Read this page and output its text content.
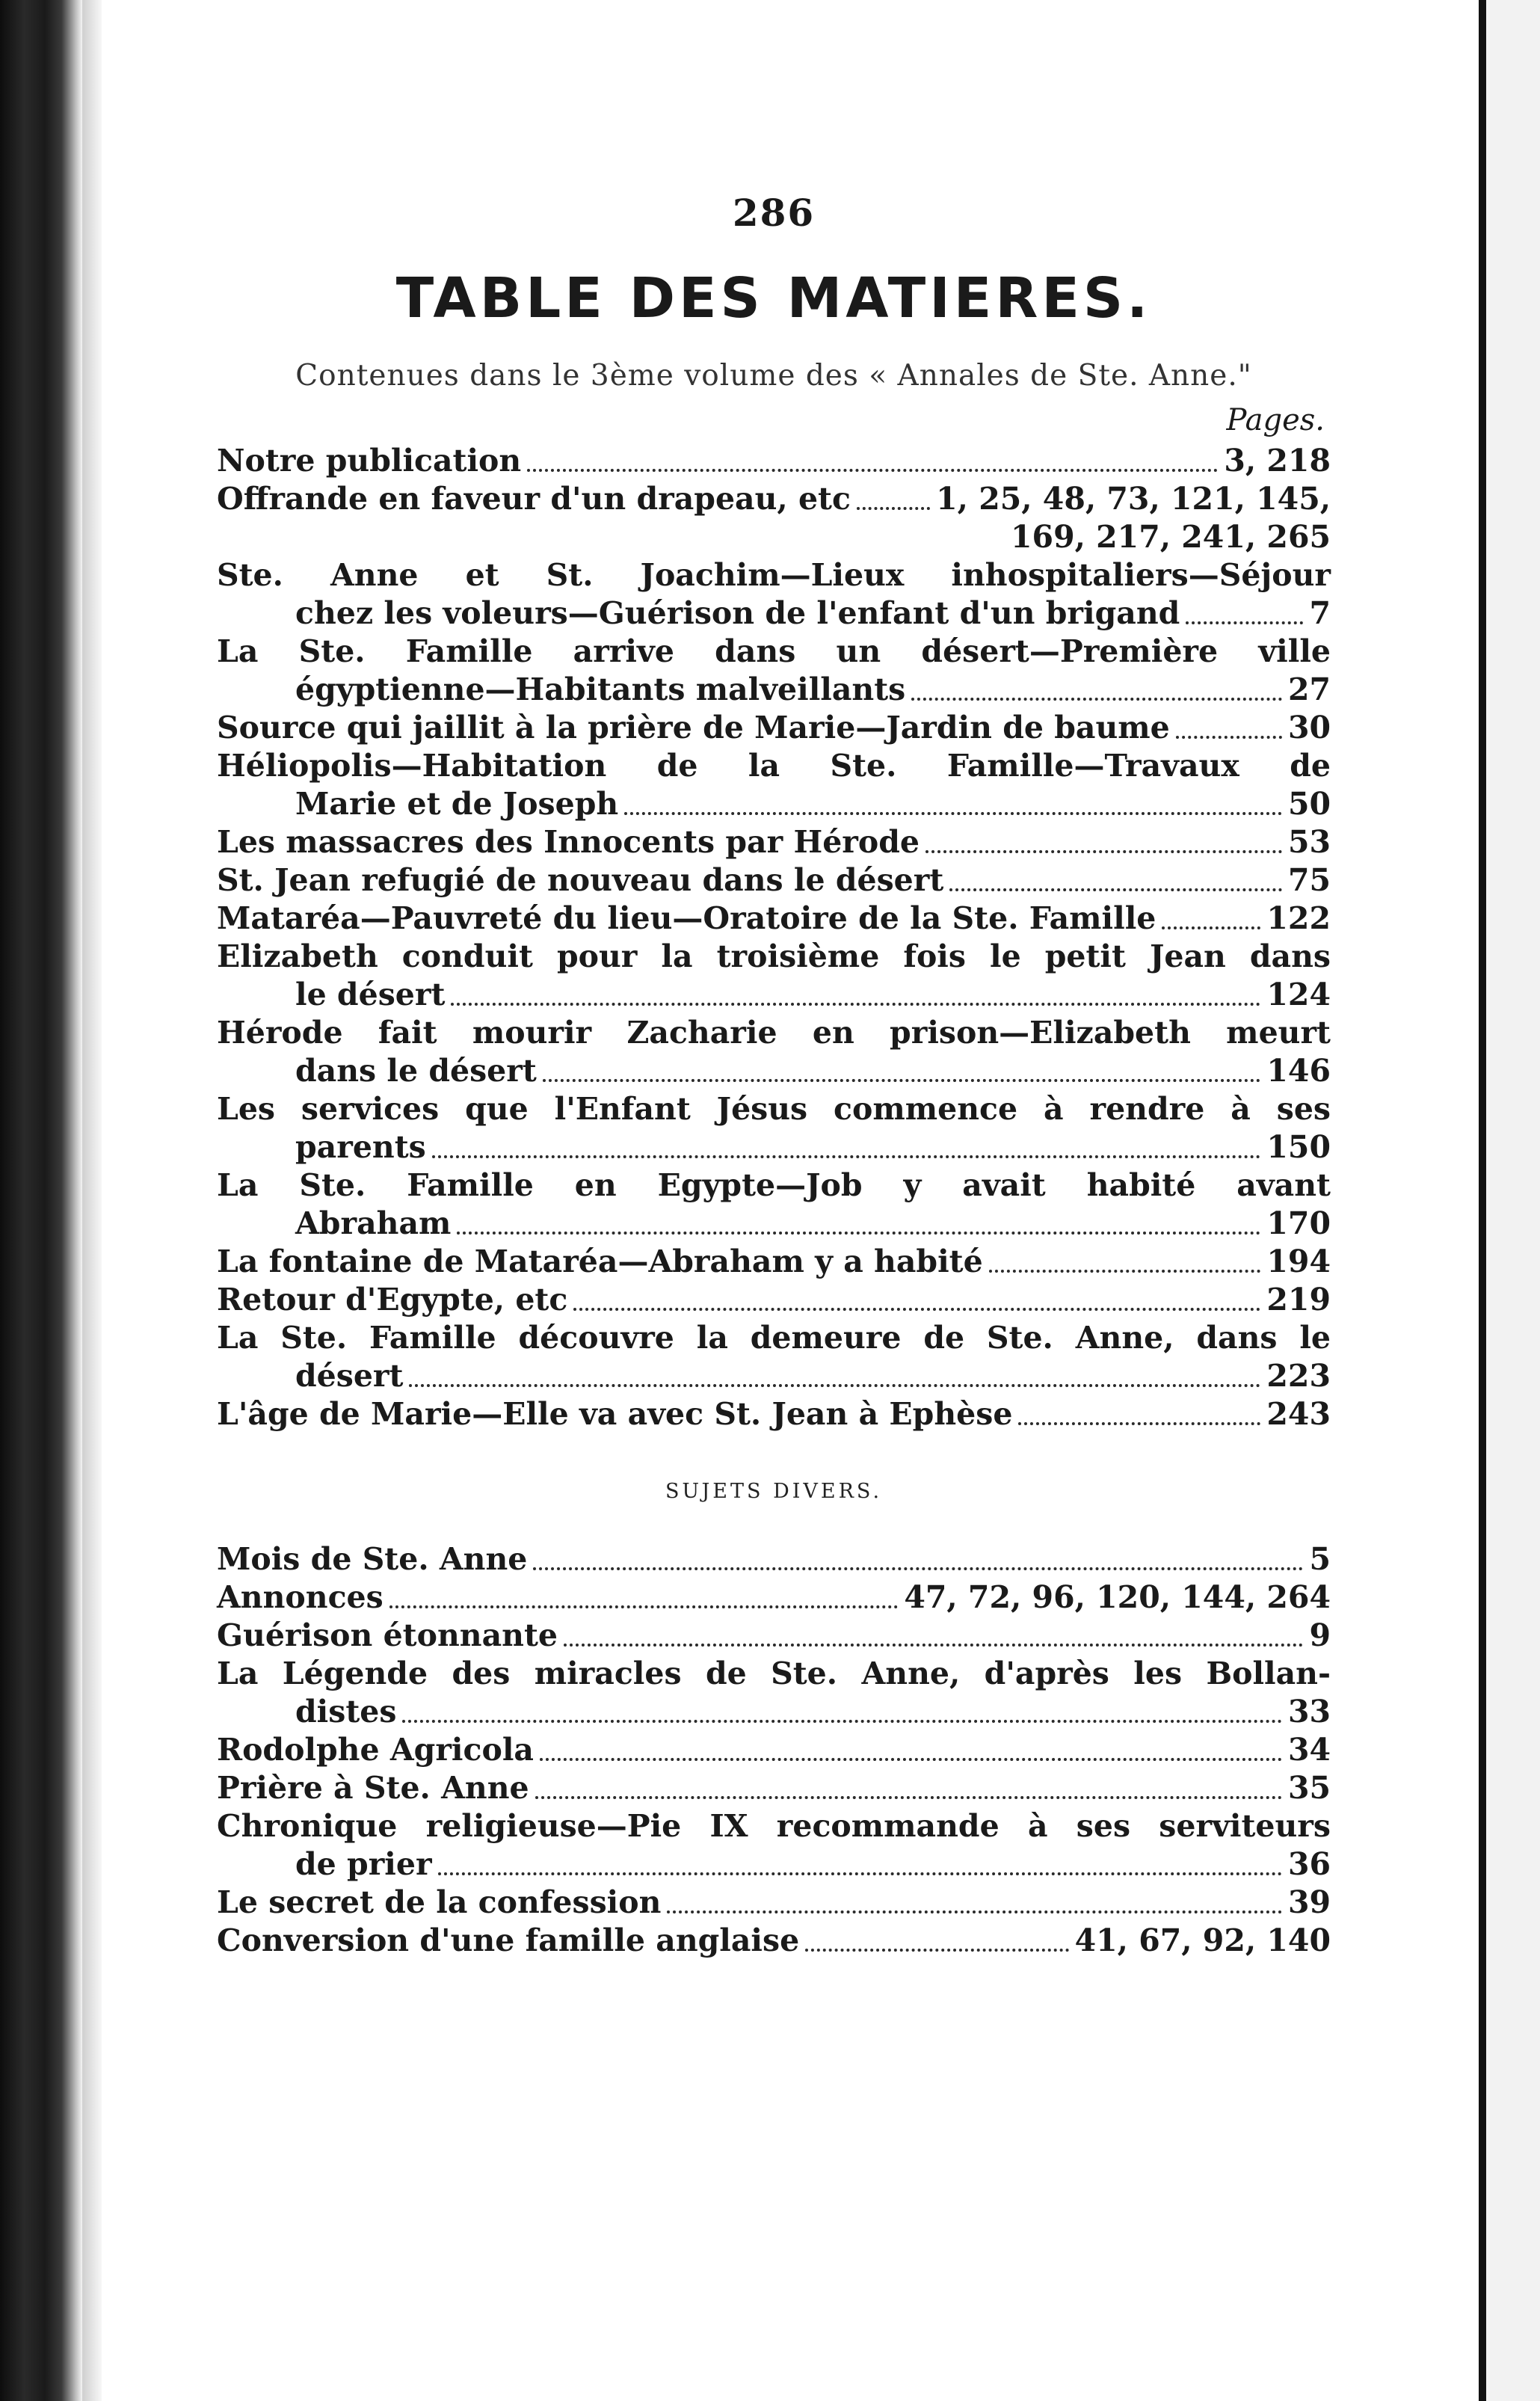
286
TABLE DES MATIERES.
Contenues dans le 3ème volume des « Annales de Ste. Anne."
Pages.
Notre publication	3, 218
Offrande en faveur d'un drapeau, etc	1, 25, 48, 73, 121, 145,
169, 217, 241, 265
Ste. Anne et St. Joachim—Lieux inhospitaliers—Séjour
chez les voleurs—Guérison de l'enfant d'un brigand	7
La Ste. Famille arrive dans un désert—Première ville
égyptienne—Habitants malveillants	27
Source qui jaillit à la prière de Marie—Jardin de baume	30
Héliopolis—Habitation de la Ste. Famille—Travaux de
Marie et de Joseph	50
Les massacres des Innocents par Hérode	53
St. Jean refugié de nouveau dans le désert	75
Mataréa—Pauvreté du lieu—Oratoire de la Ste. Famille	122
Elizabeth conduit pour la troisième fois le petit Jean dans
le désert	124
Hérode fait mourir Zacharie en prison—Elizabeth meurt
dans le désert	146
Les services que l'Enfant Jésus commence à rendre à ses
parents	150
La Ste. Famille en Egypte—Job y avait habité avant
Abraham	170
La fontaine de Mataréa—Abraham y a habité	194
Retour d'Egypte, etc	219
La Ste. Famille découvre la demeure de Ste. Anne, dans le
désert	223
L'âge de Marie—Elle va avec St. Jean à Ephèse	243
SUJETS DIVERS.
Mois de Ste. Anne	5
Annonces	47, 72, 96, 120, 144, 264
Guérison étonnante	9
La Légende des miracles de Ste. Anne, d'après les Bollan-
distes	33
Rodolphe Agricola	34
Prière à Ste. Anne	35
Chronique religieuse—Pie IX recommande à ses serviteurs
de prier	36
Le secret de la confession	39
Conversion d'une famille anglaise	41, 67, 92, 140
